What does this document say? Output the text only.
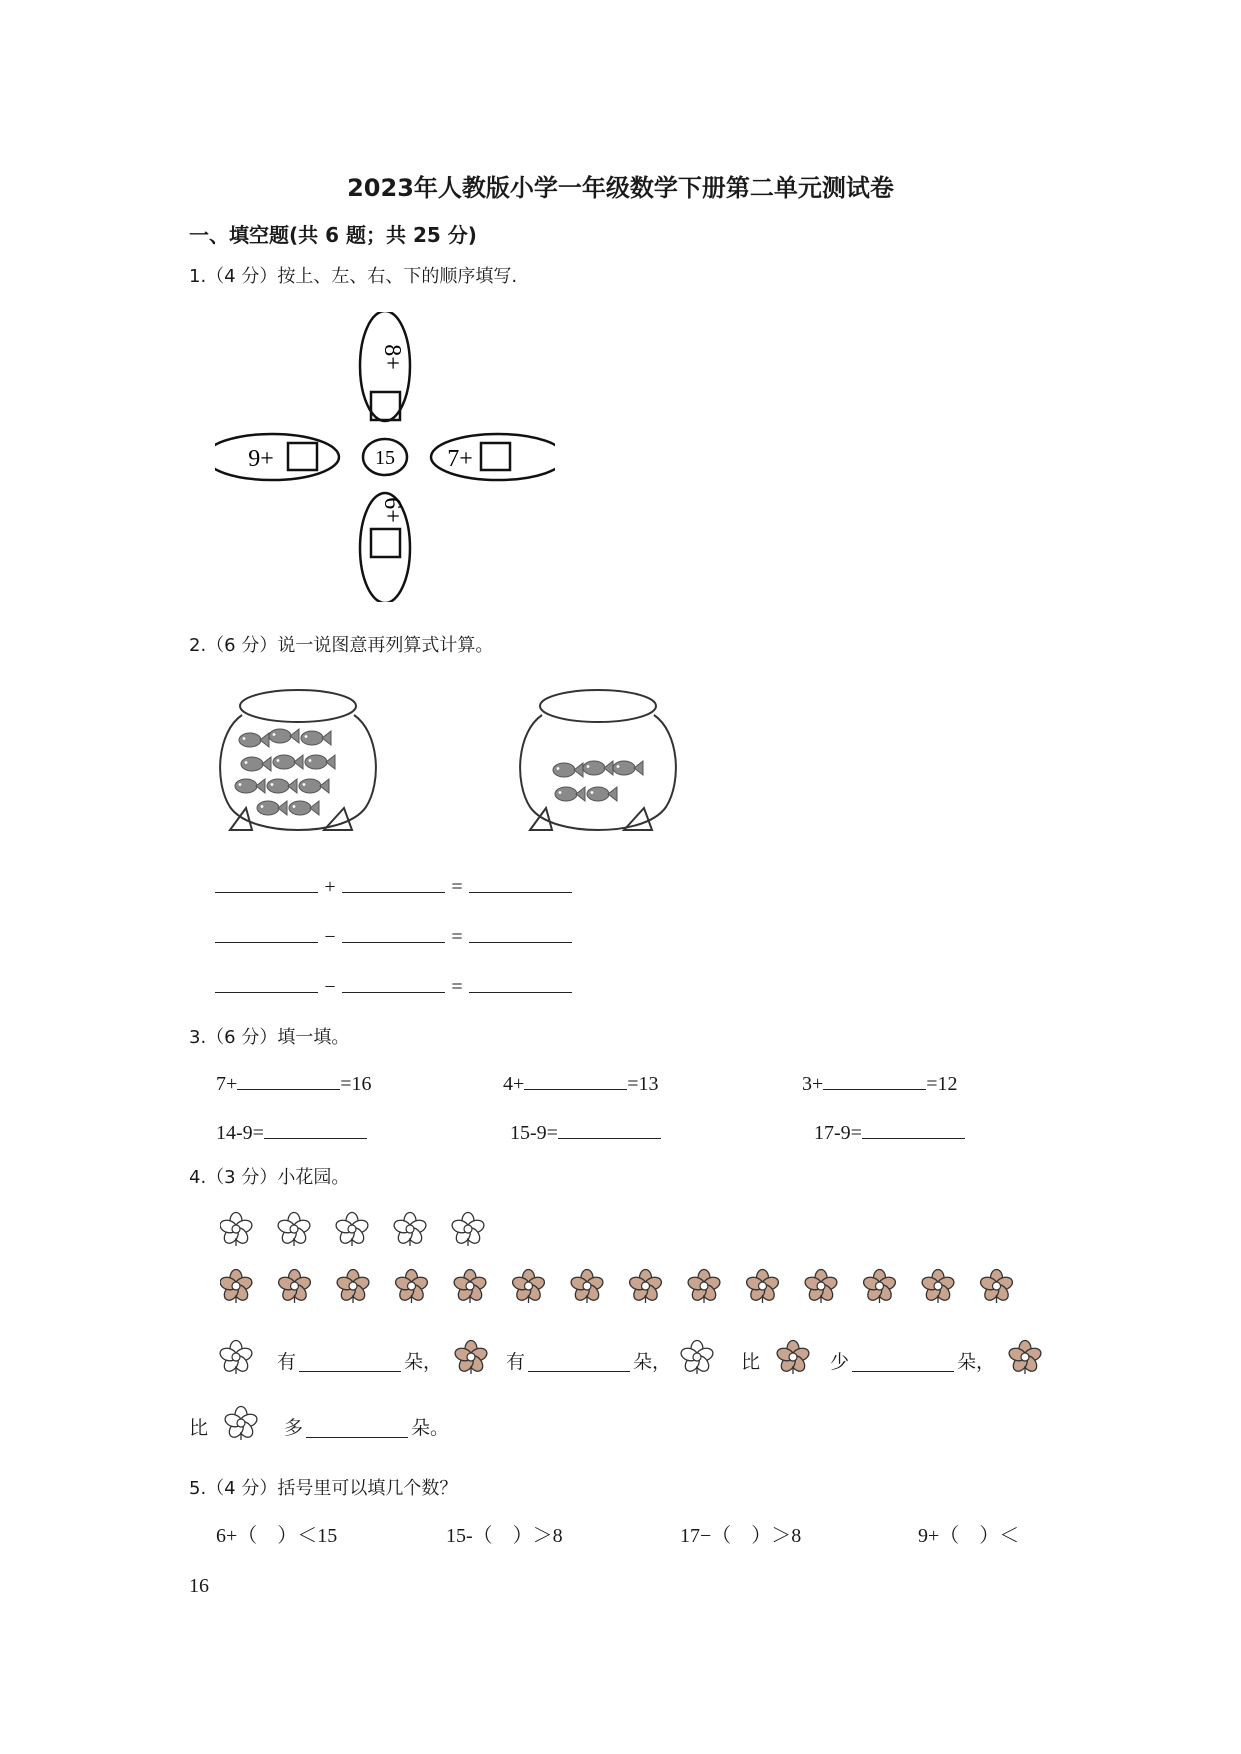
2023年人教版小学一年级数学下册第二单元测试卷
一、填空题(共 6 题；共 25 分)
1.（4 分）按上、左、右、下的顺序填写.
15
9+	7+
8+
6+
2.（6 分）说一说图意再列算式计算。
+	=
−	=
−	=
3.（6 分）填一填。
7+	=16	4+	=13	3+	=12
14-9=	15-9=	17-9=
4.（3 分）小花园。
有	朵，	有	朵，	比	少	朵，
比	多	朵。
5.（4 分）括号里可以填几个数？
6+（　）＜15	15-（　）＞8	17−（　）＞8	9+（　）＜
16
